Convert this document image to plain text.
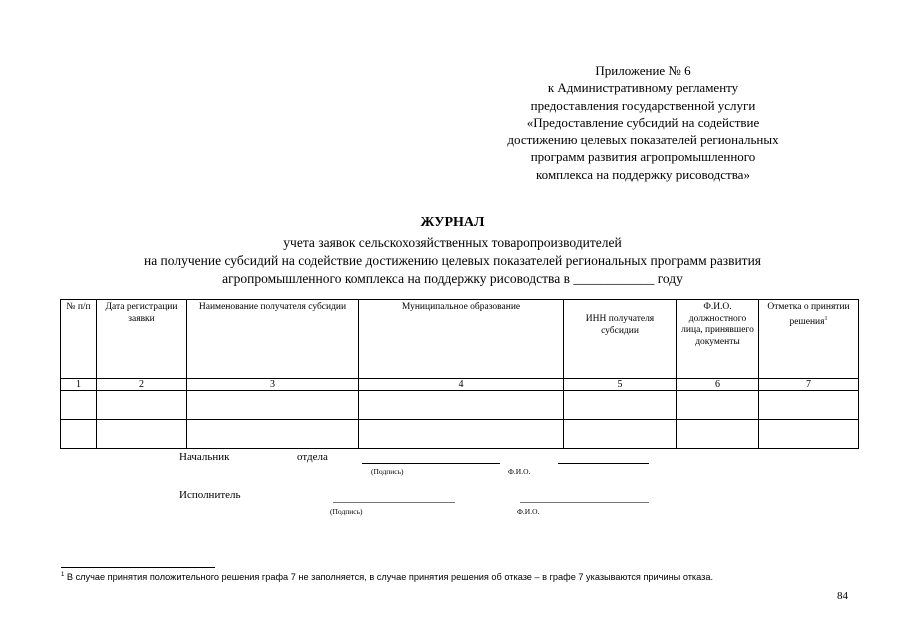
Приложение № 6
к Административному регламенту
предоставления государственной услуги
«Предоставление субсидий на содействие
достижению целевых показателей региональных
программ развития агропромышленного
комплекса на поддержку рисоводства»
ЖУРНАЛ
учета заявок сельскохозяйственных товаропроизводителей
на получение субсидий на содействие достижению целевых показателей региональных программ развития
агропромышленного комплекса на поддержку рисоводства в ____________ году
№ п/п	Дата регистрации заявки	Наименование получателя субсидии	Муниципальное образование	ИНН получателя субсидии	Ф.И.О. должностного лица, принявшего документы	Отметка о принятии решения$^1$
1	2	3	4	5	6	7

Начальник	отдела
(Подпись)	Ф.И.О.
Исполнитель
(Подпись)	Ф.И.О.
$^1$ В случае принятия положительного решения графа 7 не заполняется, в случае принятия решения об отказе – в графе 7 указываются причины отказа.
84
